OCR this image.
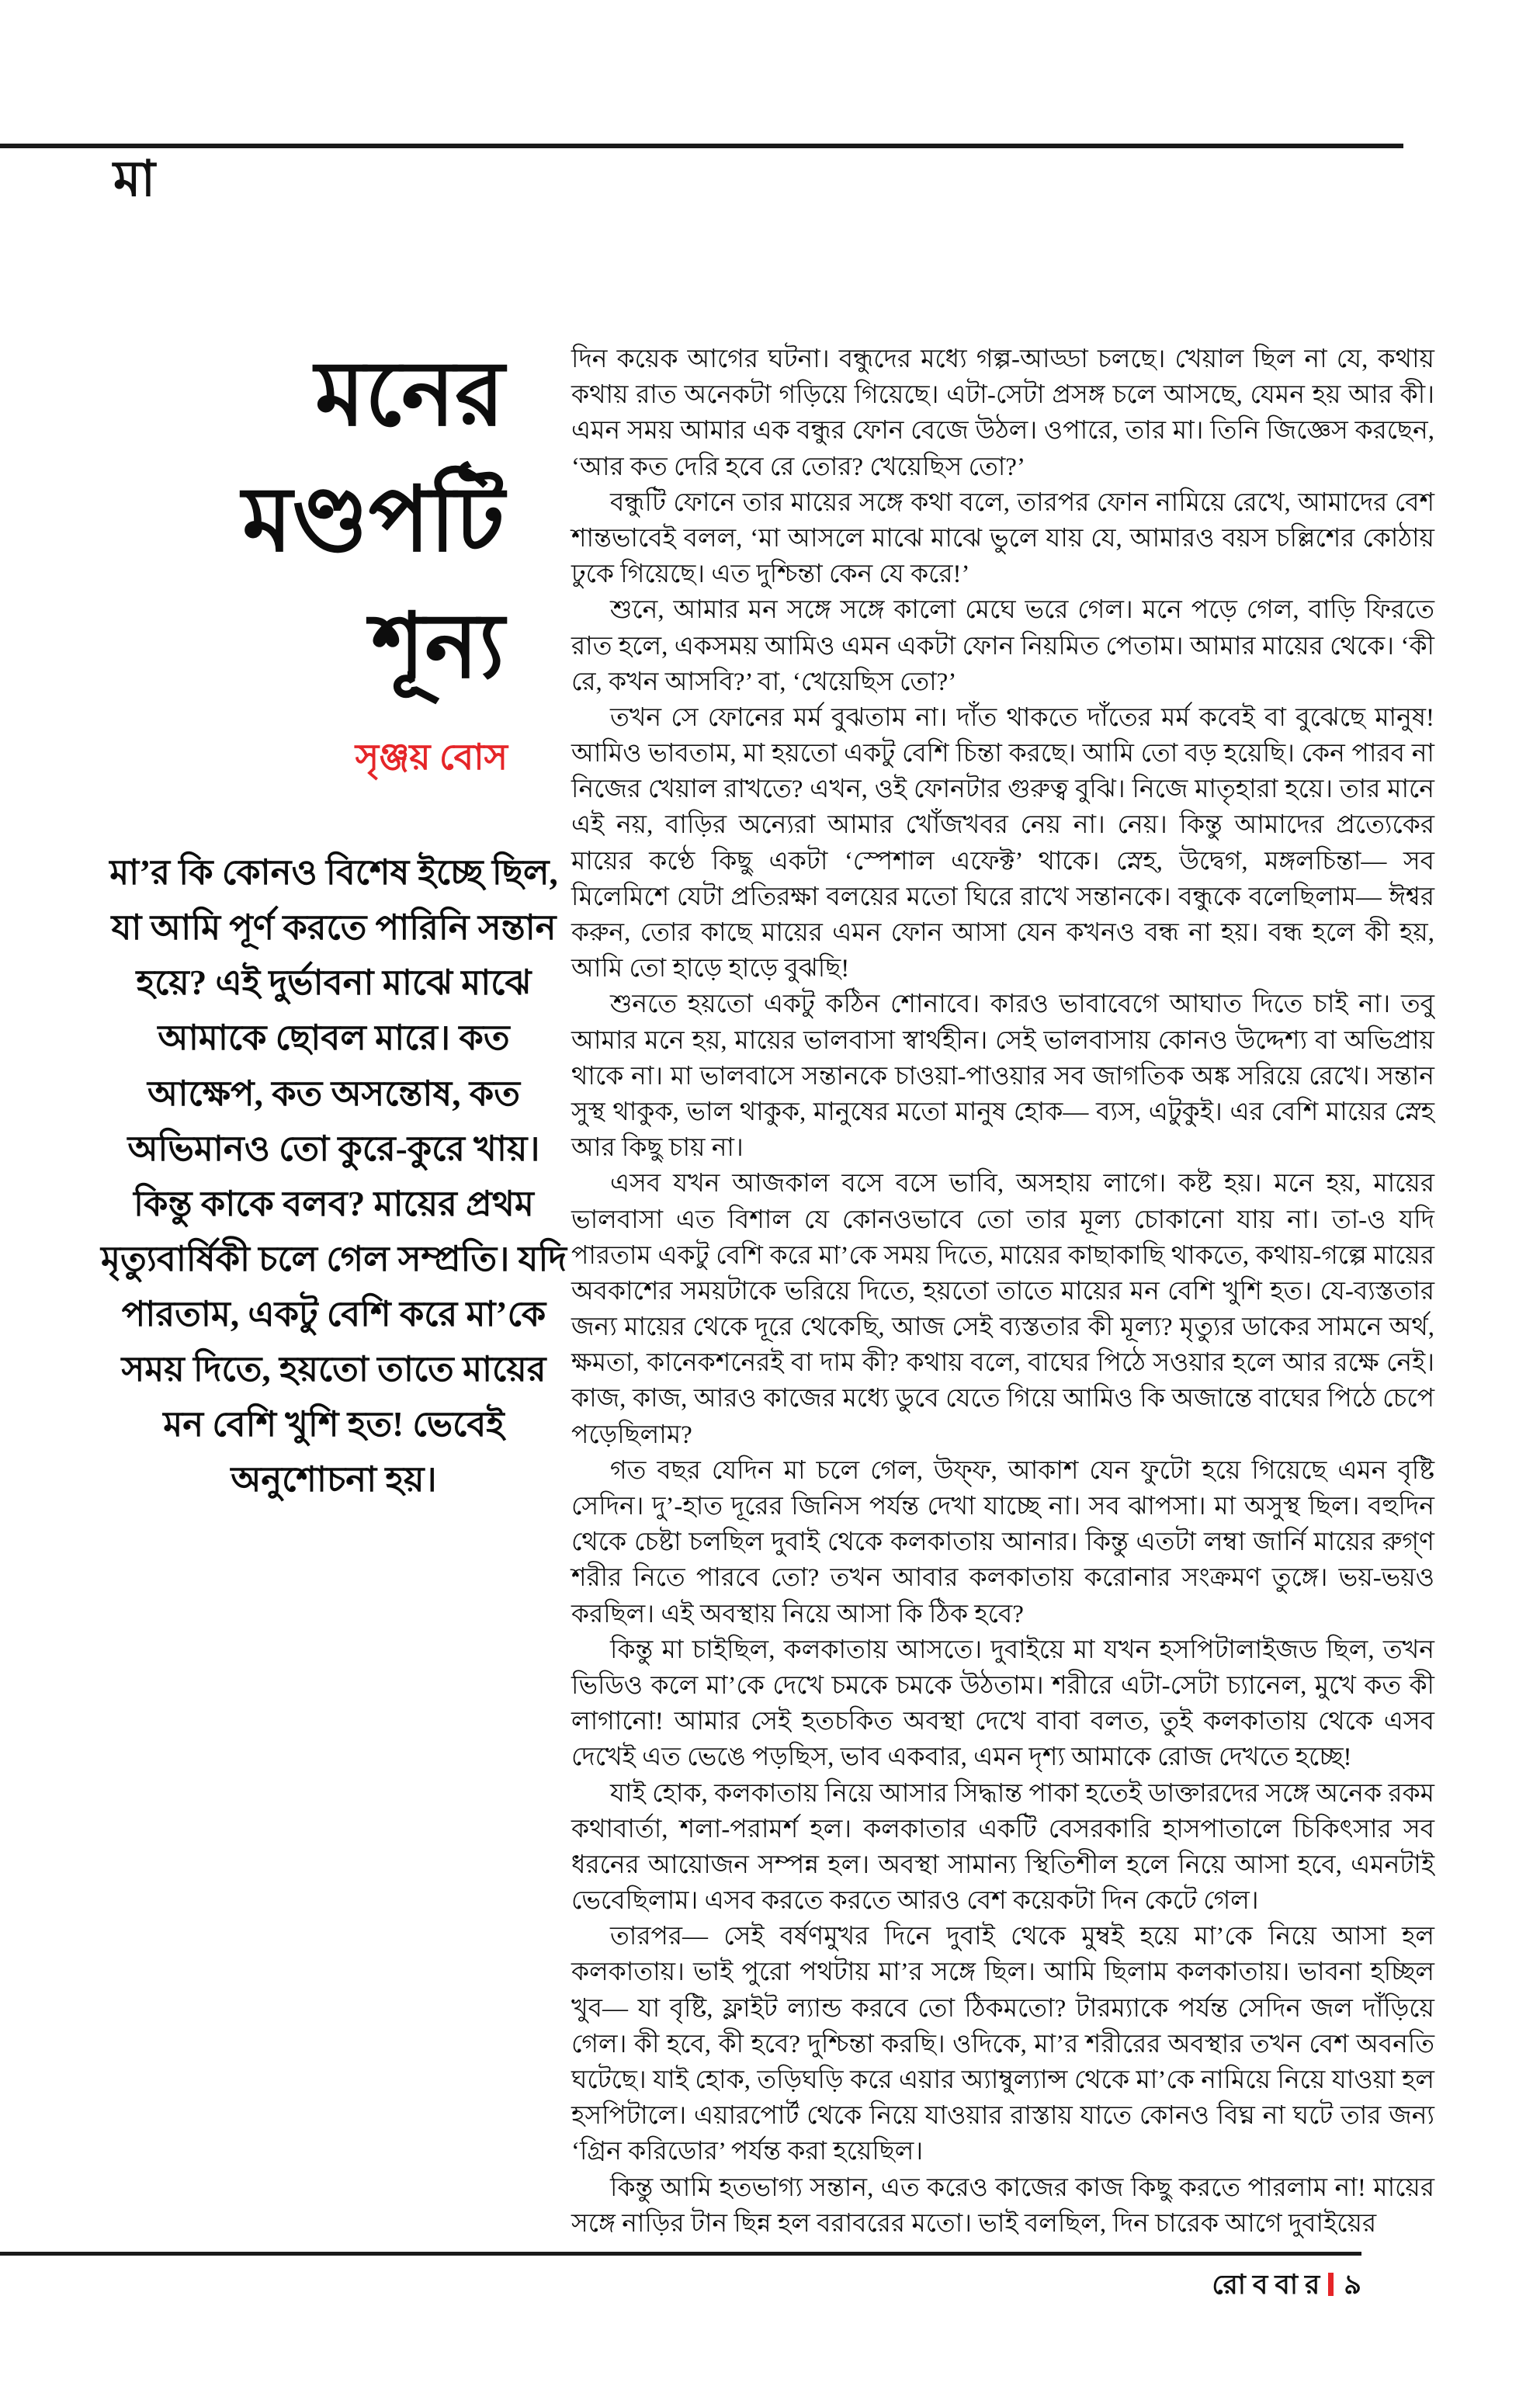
মা
মনের
মণ্ডপটি
শূন্য
সৃঞ্জয় বোস
মা’র কি কোনও বিশেষ ইচ্ছে ছিল, যা আমি পূর্ণ করতে পারিনি সন্তান হয়ে? এই দুর্ভাবনা মাঝে মাঝে আমাকে ছোবল মারে। কত আক্ষেপ, কত অসন্তোষ, কত অভিমানও তো কুরে-কুরে খায়। কিন্তু কাকে বলব? মায়ের প্রথম মৃত্যুবার্ষিকী চলে গেল সম্প্রতি। যদি পারতাম, একটু বেশি করে মা’কে সময় দিতে, হয়তো তাতে মায়ের মন বেশি খুশি হত! ভেবেই অনুশোচনা হয়।

দিন কয়েক আগের ঘটনা। বন্ধুদের মধ্যে গল্প-আড্ডা চলছে। খেয়াল ছিল না যে, কথায় কথায় রাত অনেকটা গড়িয়ে গিয়েছে। এটা-সেটা প্রসঙ্গ চলে আসছে, যেমন হয় আর কী। এমন সময় আমার এক বন্ধুর ফোন বেজে উঠল। ওপারে, তার মা। তিনি জিজ্ঞেস করছেন, ‘আর কত দেরি হবে রে তোর? খেয়েছিস তো?’

বন্ধুটি ফোনে তার মায়ের সঙ্গে কথা বলে, তারপর ফোন নামিয়ে রেখে, আমাদের বেশ শান্তভাবেই বলল, ‘মা আসলে মাঝে মাঝে ভুলে যায় যে, আমারও বয়স চল্লিশের কোঠায় ঢুকে গিয়েছে। এত দুশ্চিন্তা কেন যে করে!’

শুনে, আমার মন সঙ্গে সঙ্গে কালো মেঘে ভরে গেল। মনে পড়ে গেল, বাড়ি ফিরতে রাত হলে, একসময় আমিও এমন একটা ফোন নিয়মিত পেতাম। আমার মায়ের থেকে। ‘কী রে, কখন আসবি?’ বা, ‘খেয়েছিস তো?’

তখন সে ফোনের মর্ম বুঝতাম না। দাঁত থাকতে দাঁতের মর্ম কবেই বা বুঝেছে মানুষ! আমিও ভাবতাম, মা হয়তো একটু বেশি চিন্তা করছে। আমি তো বড় হয়েছি। কেন পারব না নিজের খেয়াল রাখতে? এখন, ওই ফোনটার গুরুত্ব বুঝি। নিজে মাতৃহারা হয়ে। তার মানে এই নয়, বাড়ির অন্যেরা আমার খোঁজখবর নেয় না। নেয়। কিন্তু আমাদের প্রত্যেকের মায়ের কণ্ঠে কিছু একটা ‘স্পেশাল এফেক্ট’ থাকে। স্নেহ, উদ্বেগ, মঙ্গলচিন্তা— সব মিলেমিশে যেটা প্রতিরক্ষা বলয়ের মতো ঘিরে রাখে সন্তানকে। বন্ধুকে বলেছিলাম— ঈশ্বর করুন, তোর কাছে মায়ের এমন ফোন আসা যেন কখনও বন্ধ না হয়। বন্ধ হলে কী হয়, আমি তো হাড়ে হাড়ে বুঝছি!

শুনতে হয়তো একটু কঠিন শোনাবে। কারও ভাবাবেগে আঘাত দিতে চাই না। তবু আমার মনে হয়, মায়ের ভালবাসা স্বার্থহীন। সেই ভালবাসায় কোনও উদ্দেশ্য বা অভিপ্রায় থাকে না। মা ভালবাসে সন্তানকে চাওয়া-পাওয়ার সব জাগতিক অঙ্ক সরিয়ে রেখে। সন্তান সুস্থ থাকুক, ভাল থাকুক, মানুষের মতো মানুষ হোক— ব্যস, এটুকুই। এর বেশি মায়ের স্নেহ আর কিছু চায় না।

এসব যখন আজকাল বসে বসে ভাবি, অসহায় লাগে। কষ্ট হয়। মনে হয়, মায়ের ভালবাসা এত বিশাল যে কোনওভাবে তো তার মূল্য চোকানো যায় না। তা-ও যদি পারতাম একটু বেশি করে মা’কে সময় দিতে, মায়ের কাছাকাছি থাকতে, কথায়-গল্পে মায়ের অবকাশের সময়টাকে ভরিয়ে দিতে, হয়তো তাতে মায়ের মন বেশি খুশি হত। যে-ব্যস্ততার জন্য মায়ের থেকে দূরে থেকেছি, আজ সেই ব্যস্ততার কী মূল্য? মৃত্যুর ডাকের সামনে অর্থ, ক্ষমতা, কানেকশনেরই বা দাম কী? কথায় বলে, বাঘের পিঠে সওয়ার হলে আর রক্ষে নেই। কাজ, কাজ, আরও কাজের মধ্যে ডুবে যেতে গিয়ে আমিও কি অজান্তে বাঘের পিঠে চেপে পড়েছিলাম?

গত বছর যেদিন মা চলে গেল, উফ্‌ফ, আকাশ যেন ফুটো হয়ে গিয়েছে এমন বৃষ্টি সেদিন। দু’-হাত দূরের জিনিস পর্যন্ত দেখা যাচ্ছে না। সব ঝাপসা। মা অসুস্থ ছিল। বহুদিন থেকে চেষ্টা চলছিল দুবাই থেকে কলকাতায় আনার। কিন্তু এতটা লম্বা জার্নি মায়ের রুগ্‌ণ শরীর নিতে পারবে তো? তখন আবার কলকাতায় করোনার সংক্রমণ তুঙ্গে। ভয়-ভয়ও করছিল। এই অবস্থায় নিয়ে আসা কি ঠিক হবে?

কিন্তু মা চাইছিল, কলকাতায় আসতে। দুবাইয়ে মা যখন হসপিটালাইজড ছিল, তখন ভিডিও কলে মা’কে দেখে চমকে চমকে উঠতাম। শরীরে এটা-সেটা চ্যানেল, মুখে কত কী লাগানো! আমার সেই হতচকিত অবস্থা দেখে বাবা বলত, তুই কলকাতায় থেকে এসব দেখেই এত ভেঙে পড়ছিস, ভাব একবার, এমন দৃশ্য আমাকে রোজ দেখতে হচ্ছে!

যাই হোক, কলকাতায় নিয়ে আসার সিদ্ধান্ত পাকা হতেই ডাক্তারদের সঙ্গে অনেক রকম কথাবার্তা, শলা-পরামর্শ হল। কলকাতার একটি বেসরকারি হাসপাতালে চিকিৎসার সব ধরনের আয়োজন সম্পন্ন হল। অবস্থা সামান্য স্থিতিশীল হলে নিয়ে আসা হবে, এমনটাই ভেবেছিলাম। এসব করতে করতে আরও বেশ কয়েকটা দিন কেটে গেল।

তারপর— সেই বর্ষণমুখর দিনে দুবাই থেকে মুম্বই হয়ে মা’কে নিয়ে আসা হল কলকাতায়। ভাই পুরো পথটায় মা’র সঙ্গে ছিল। আমি ছিলাম কলকাতায়। ভাবনা হচ্ছিল খুব— যা বৃষ্টি, ফ্লাইট ল্যান্ড করবে তো ঠিকমতো? টারম্যাকে পর্যন্ত সেদিন জল দাঁড়িয়ে গেল। কী হবে, কী হবে? দুশ্চিন্তা করছি। ওদিকে, মা’র শরীরের অবস্থার তখন বেশ অবনতি ঘটেছে। যাই হোক, তড়িঘড়ি করে এয়ার অ্যাম্বুল্যান্স থেকে মা’কে নামিয়ে নিয়ে যাওয়া হল হসপিটালে। এয়ারপোর্ট থেকে নিয়ে যাওয়ার রাস্তায় যাতে কোনও বিঘ্ন না ঘটে তার জন্য ‘গ্রিন করিডোর’ পর্যন্ত করা হয়েছিল।

কিন্তু আমি হতভাগ্য সন্তান, এত করেও কাজের কাজ কিছু করতে পারলাম না! মায়ের সঙ্গে নাড়ির টান ছিন্ন হল বরাবরের মতো। ভাই বলছিল, দিন চারেক আগে দুবাইয়ের

রোববার ৯
